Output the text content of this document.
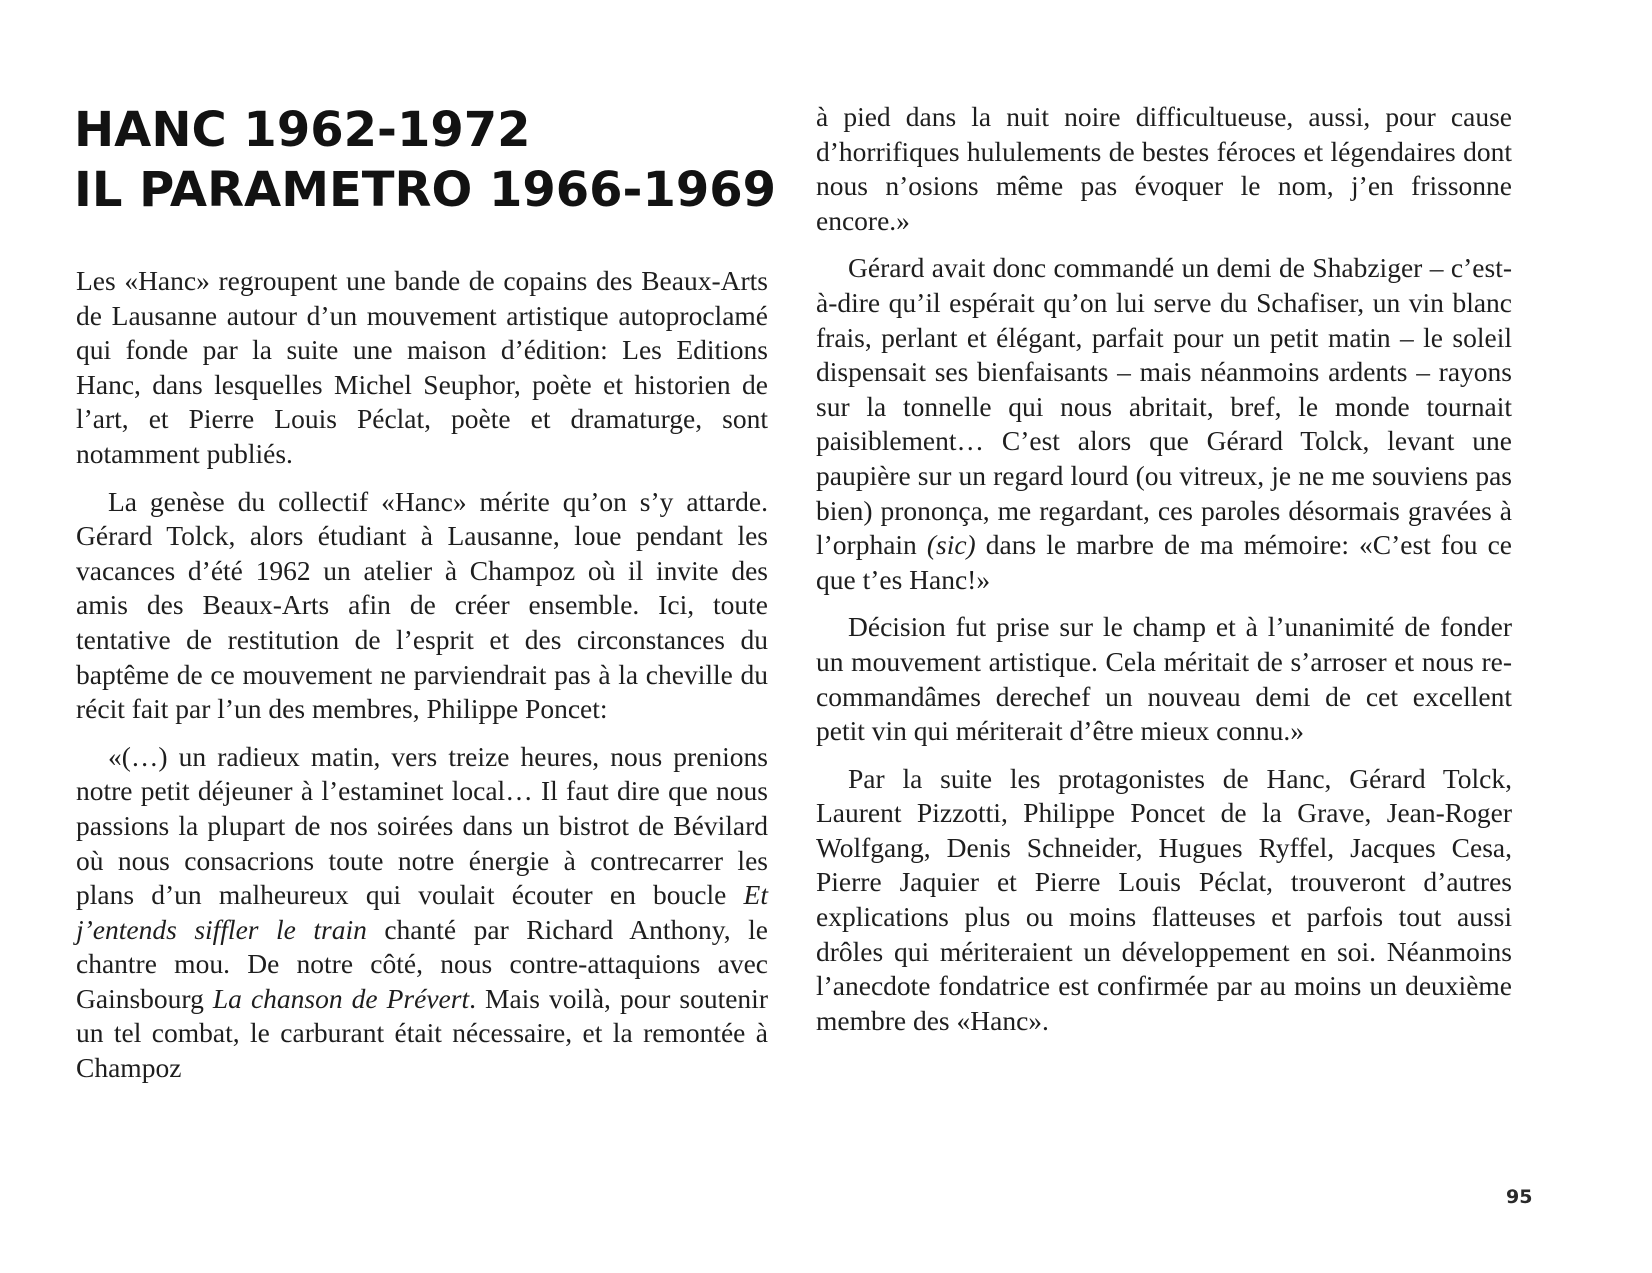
HANC 1962-1972
IL PARAMETRO 1966-1969

Les «Hanc» regroupent une bande de copains des Beaux-Arts de Lausanne autour d’un mouvement artistique autoproclamé qui fonde par la suite une maison d’édition: Les Editions Hanc, dans lesquelles Michel Seuphor, poète et historien de l’art, et Pierre Louis Péclat, poète et dramaturge, sont notamment publiés.

La genèse du collectif «Hanc» mérite qu’on s’y attarde. Gérard Tolck, alors étudiant à Lausanne, loue pendant les vacances d’été 1962 un atelier à Champoz où il invite des amis des Beaux-Arts afin de créer ensemble. Ici, toute tentative de restitution de l’esprit et des circonstances du baptême de ce mouvement ne parviendrait pas à la cheville du récit fait par l’un des membres, Philippe Poncet:

«(…) un radieux matin, vers treize heures, nous prenions notre petit déjeuner à l’estaminet local… Il faut dire que nous passions la plupart de nos soirées dans un bistrot de Bévilard où nous consacrions toute notre énergie à contrecarrer les plans d’un malheureux qui voulait écouter en boucle Et j’entends siffler le train chanté par Richard Anthony, le chantre mou. De notre côté, nous contre-attaquions avec Gainsbourg La chanson de Prévert. Mais voilà, pour soutenir un tel combat, le carburant était nécessaire, et la remontée à Champoz

à pied dans la nuit noire difficultueuse, aussi, pour cause d’horrifiques hululements de bestes féroces et légendaires dont nous n’osions même pas évoquer le nom, j’en frissonne encore.»

Gérard avait donc commandé un demi de Shabziger – c’est-à-dire qu’il espérait qu’on lui serve du Schafiser, un vin blanc frais, perlant et élégant, parfait pour un petit matin – le soleil dispensait ses bienfaisants – mais néanmoins ardents – rayons sur la tonnelle qui nous abritait, bref, le monde tournait paisiblement… C’est alors que Gérard Tolck, levant une paupière sur un regard lourd (ou vitreux, je ne me souviens pas bien) prononça, me regardant, ces paroles désormais gravées à l’orphain (sic) dans le marbre de ma mémoire: «C’est fou ce que t’es Hanc!»

Décision fut prise sur le champ et à l’unanimité de fonder un mouvement artistique. Cela méritait de s’arroser et nous re-commandâmes derechef un nouveau demi de cet excellent petit vin qui mériterait d’être mieux connu.»

Par la suite les protagonistes de Hanc, Gérard Tolck, Laurent Pizzotti, Philippe Poncet de la Grave, Jean-Roger Wolfgang, Denis Schneider, Hugues Ryffel, Jacques Cesa, Pierre Jaquier et Pierre Louis Péclat, trouveront d’autres explications plus ou moins flatteuses et parfois tout aussi drôles qui mériteraient un développement en soi. Néanmoins l’anecdote fondatrice est confirmée par au moins un deuxième membre des «Hanc».

95
